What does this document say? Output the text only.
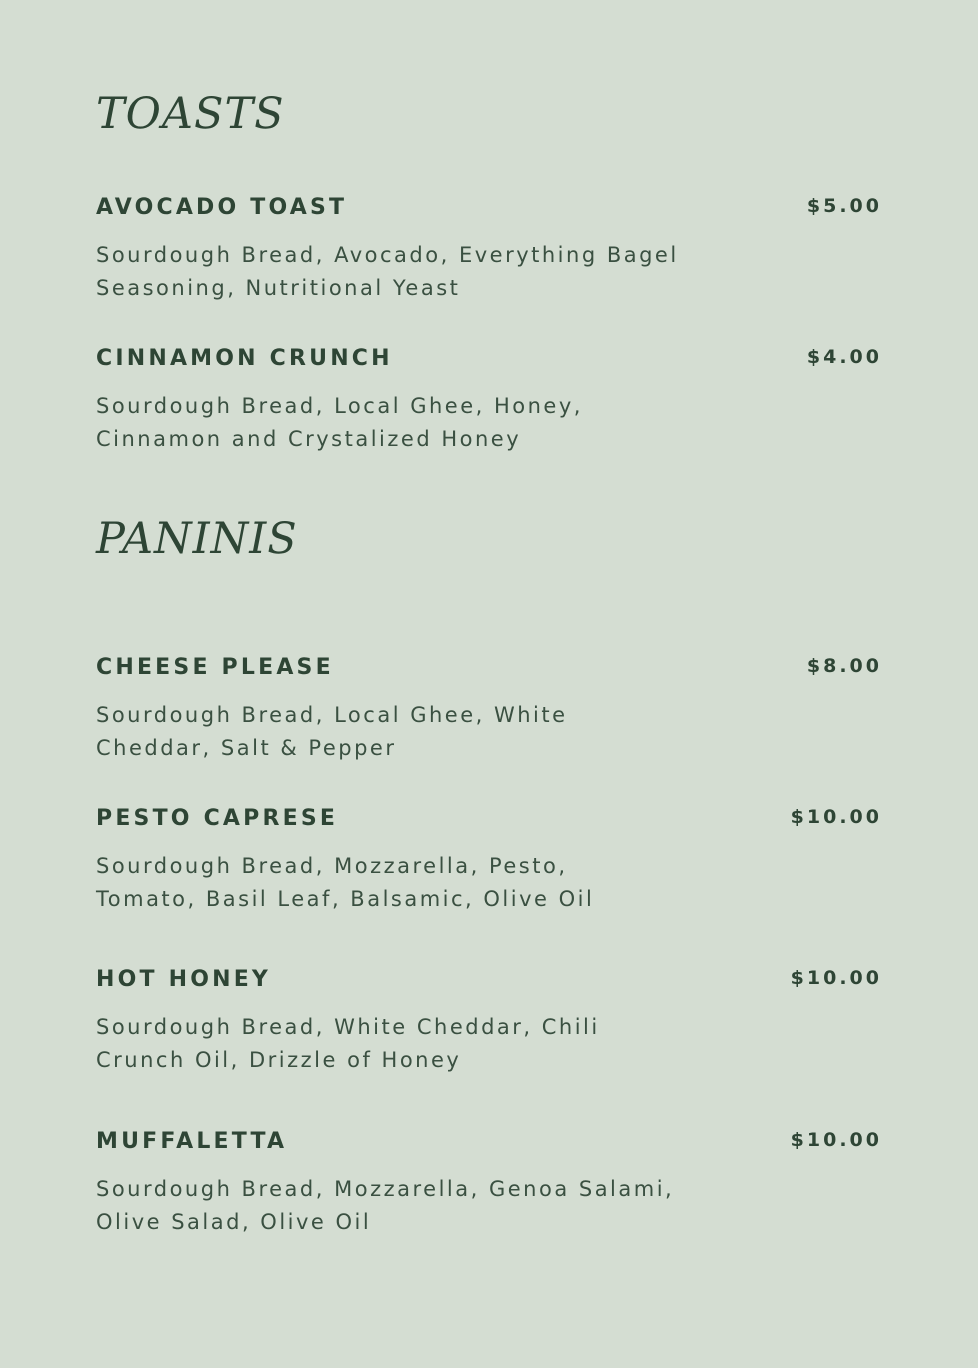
TOASTS
AVOCADO TOAST	$5.00

Sourdough Bread, Avocado, Everything Bagel
Seasoning, Nutritional Yeast

CINNAMON CRUNCH	$4.00

Sourdough Bread, Local Ghee, Honey,
Cinnamon and Crystalized Honey

PANINIS
CHEESE PLEASE	$8.00

Sourdough Bread, Local Ghee, White
Cheddar, Salt & Pepper

PESTO CAPRESE	$10.00

Sourdough Bread, Mozzarella, Pesto,
Tomato, Basil Leaf, Balsamic, Olive Oil

HOT HONEY	$10.00

Sourdough Bread, White Cheddar, Chili
Crunch Oil, Drizzle of Honey

MUFFALETTA	$10.00

Sourdough Bread, Mozzarella, Genoa Salami,
Olive Salad, Olive Oil
